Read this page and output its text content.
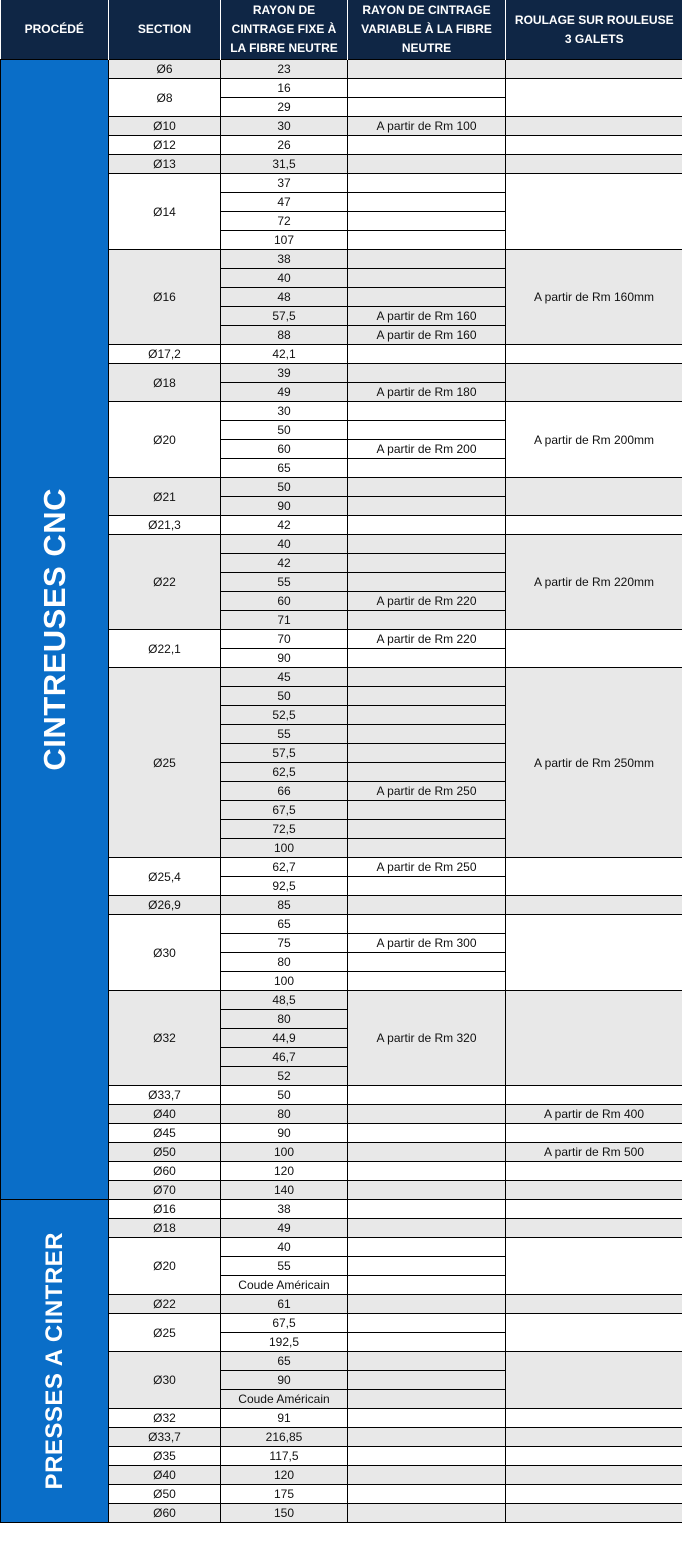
PROCÉDÉ	SECTION	RAYON DE CINTRAGE FIXE À LA FIBRE NEUTRE	RAYON DE CINTRAGE VARIABLE À LA FIBRE NEUTRE	ROULAGE SUR ROULEUSE 3 GALETS

CINTREUSES CNC	Ø6	23		
	Ø8	16		
		29		
	Ø10	30	A partir de Rm 100	
	Ø12	26		
	Ø13	31,5		
	Ø14	37		
		47		
		72		
		107		
	Ø16	38		A partir de Rm 160mm
		40		
		48		
		57,5	A partir de Rm 160	
		88	A partir de Rm 160	
	Ø17,2	42,1		
	Ø18	39		
		49	A partir de Rm 180	
	Ø20	30		A partir de Rm 200mm
		50		
		60	A partir de Rm 200	
		65		
	Ø21	50		
		90		
	Ø21,3	42		
	Ø22	40		A partir de Rm 220mm
		42		
		55		
		60	A partir de Rm 220	
		71		
	Ø22,1	70	A partir de Rm 220	
		90		
	Ø25	45		A partir de Rm 250mm
		50		
		52,5		
		55		
		57,5		
		62,5		
		66	A partir de Rm 250	
		67,5		
		72,5		
		100		
	Ø25,4	62,7	A partir de Rm 250	
		92,5		
	Ø26,9	85		
	Ø30	65		
		75	A partir de Rm 300	
		80		
		100		
	Ø32	48,5	A partir de Rm 320	
		80		
		44,9		
		46,7		
		52		
	Ø33,7	50		
	Ø40	80		A partir de Rm 400
	Ø45	90		
	Ø50	100		A partir de Rm 500
	Ø60	120		
	Ø70	140		

PRESSES A CINTRER	Ø16	38		
	Ø18	49		
	Ø20	40		
		55		
		Coude Américain		
	Ø22	61		
	Ø25	67,5		
		192,5		
	Ø30	65		
		90		
		Coude Américain		
	Ø32	91		
	Ø33,7	216,85		
	Ø35	117,5		
	Ø40	120		
	Ø50	175		
	Ø60	150		
